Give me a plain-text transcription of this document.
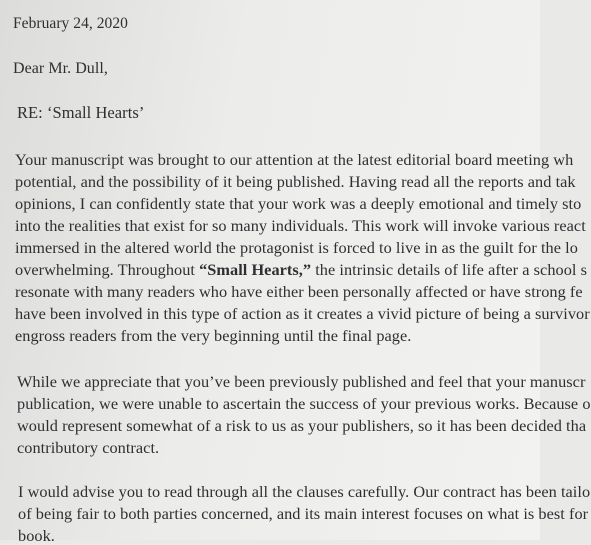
February 24, 2020
Dear Mr. Dull,
RE: ‘Small Hearts’
Your manuscript was brought to our attention at the latest editorial board meeting wh
potential, and the possibility of it being published. Having read all the reports and tak
opinions, I can confidently state that your work was a deeply emotional and timely sto
into the realities that exist for so many individuals. This work will invoke various react
immersed in the altered world the protagonist is forced to live in as the guilt for the lo
overwhelming. Throughout “Small Hearts,” the intrinsic details of life after a school s
resonate with many readers who have either been personally affected or have strong fe
have been involved in this type of action as it creates a vivid picture of being a survivor
engross readers from the very beginning until the final page.
While we appreciate that you’ve been previously published and feel that your manuscr
publication, we were unable to ascertain the success of your previous works. Because o
would represent somewhat of a risk to us as your publishers, so it has been decided tha
contributory contract.
I would advise you to read through all the clauses carefully. Our contract has been tailo
of being fair to both parties concerned, and its main interest focuses on what is best for
book.
